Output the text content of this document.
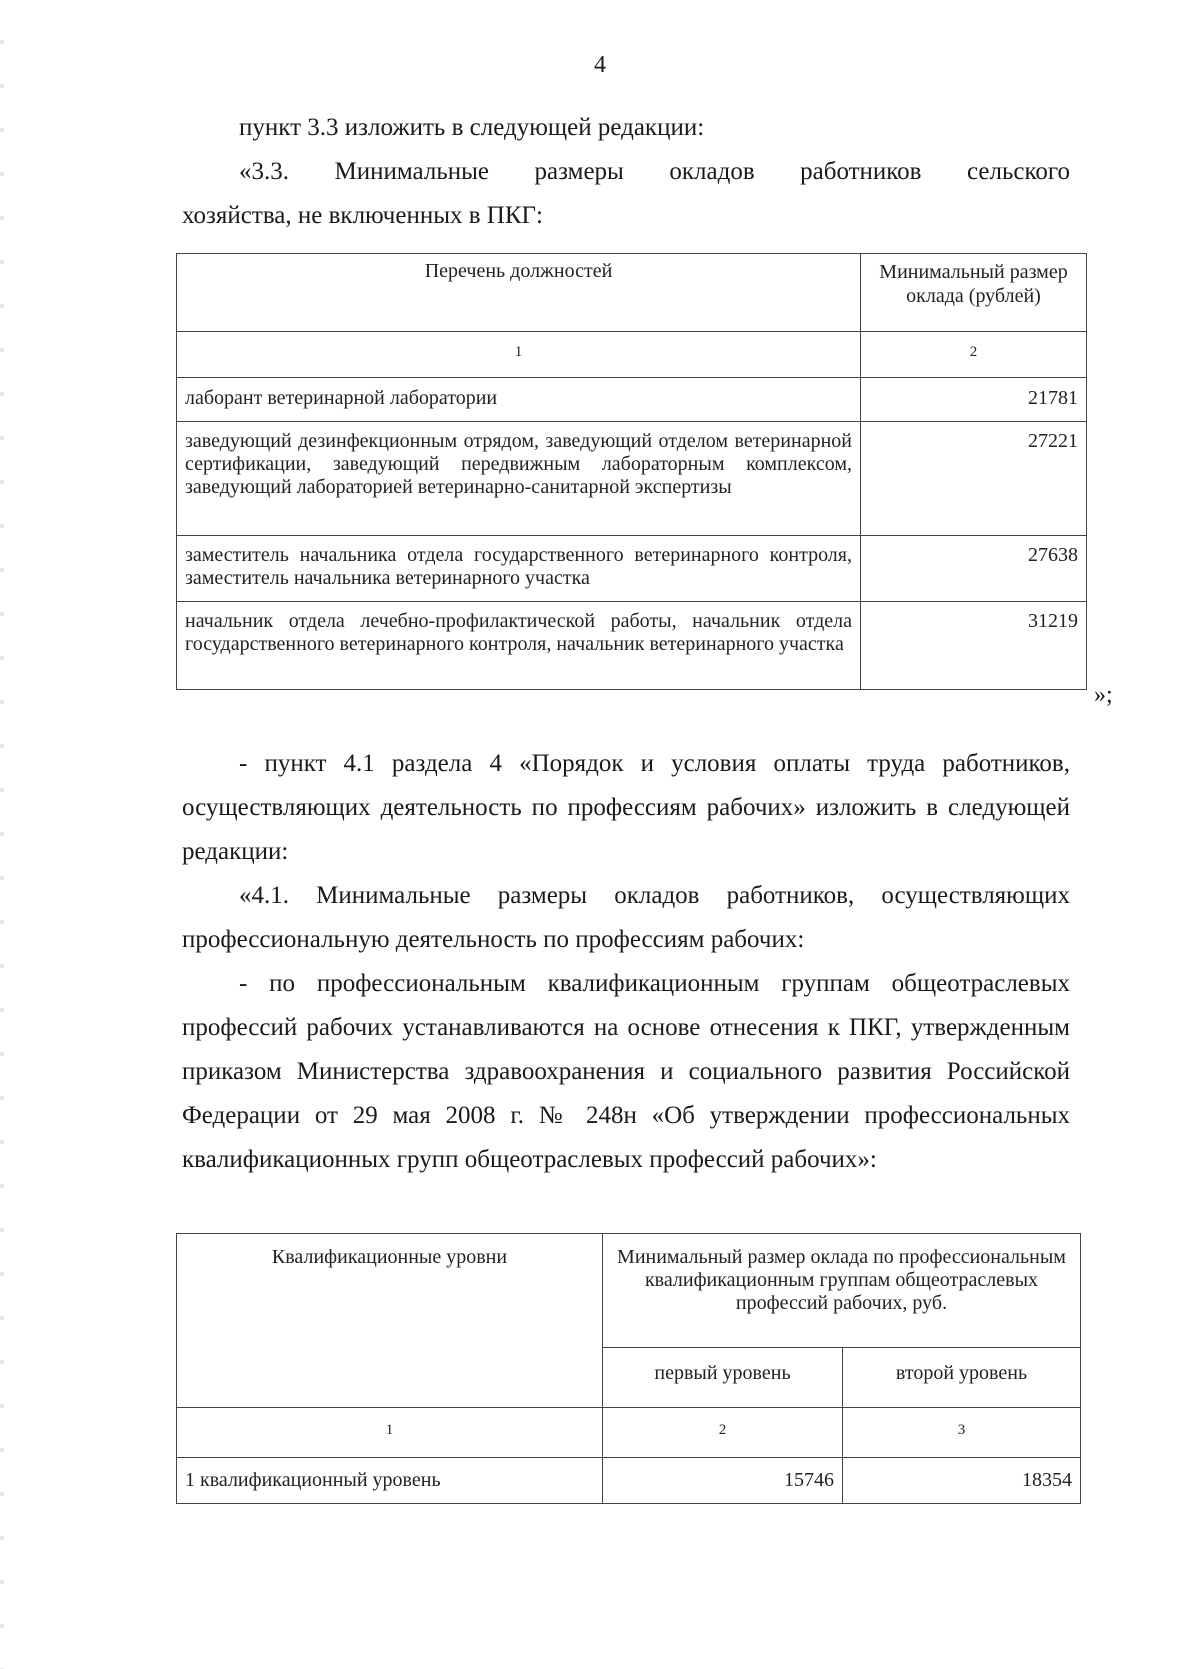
4

пункт 3.3 изложить в следующей редакции:

«3.3. Минимальные размеры окладов работников сельского

хозяйства, не включенных в ПКГ:

Перечень должностей	Минимальный размер оклада (рублей)
1	2
лаборант ветеринарной лаборатории	21781
заведующий дезинфекционным отрядом, заведующий отделом ветеринарной сертификации, заведующий передвижным лабораторным комплексом, заведующий лабораторией ветеринарно-санитарной экспертизы	27221
заместитель начальника отдела государственного ветеринарного контроля, заместитель начальника ветеринарного участка	27638
начальник отдела лечебно-профилактической работы, начальник отдела государственного ветеринарного контроля, начальник ветеринарного участка	31219
»;

- пункт 4.1 раздела 4 «Порядок и условия оплаты труда работников, осуществляющих деятельность по профессиям рабочих» изложить в следующей редакции:

«4.1. Минимальные размеры окладов работников, осуществляющих профессиональную деятельность по профессиям рабочих:

- по профессиональным квалификационным группам общеотраслевых профессий рабочих устанавливаются на основе отнесения к ПКГ, утвержденным приказом Министерства здравоохранения и социального развития Российской Федерации от 29 мая 2008 г. № 248н «Об утверждении профессиональных квалификационных групп общеотраслевых профессий рабочих»:

Квалификационные уровни	Минимальный размер оклада по профессиональным квалификационным группам общеотраслевых профессий рабочих, руб.	
	первый уровень	второй уровень
1	2	3
1 квалификационный уровень	15746	18354
